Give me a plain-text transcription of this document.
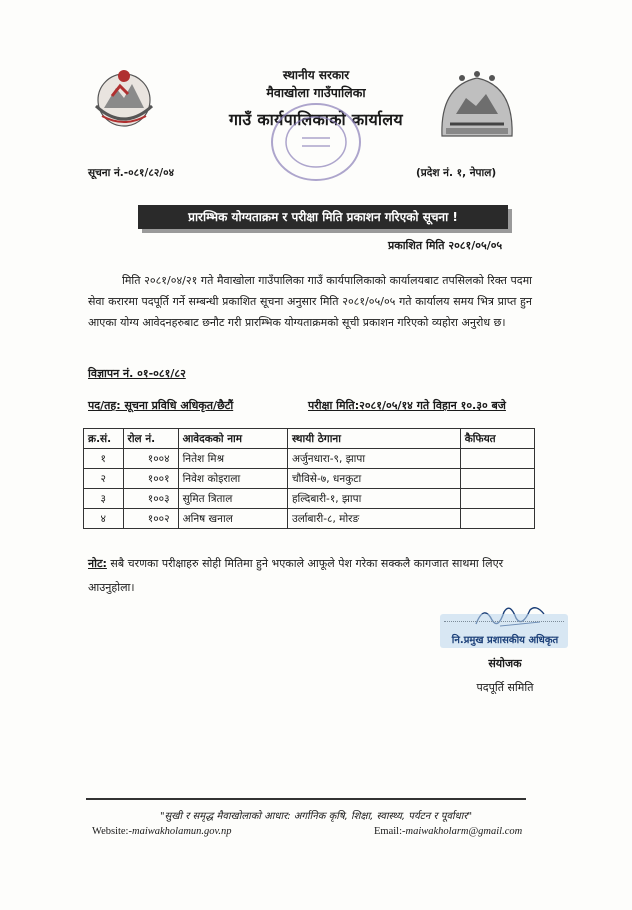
स्थानीय सरकार
मैवाखोला गाउँपालिका
गाउँ कार्यपालिकाको कार्यालय
सूचना नं.-०८१/८२/०४	(प्रदेश नं. १, नेपाल)
प्रारम्भिक योग्यताक्रम र परीक्षा मिति प्रकाशन गरिएको सूचना !
प्रकाशित मिति २०८१/०५/०५
मिति २०८१/०४/२१ गते मैवाखोला गाउँपालिका गाउँ कार्यपालिकाको कार्यालयबाट तपसिलको रिक्त पदमा सेवा करारमा पदपूर्ति गर्ने सम्बन्धी प्रकाशित सूचना अनुसार मिति २०८१/०५/०५ गते कार्यालय समय भित्र प्राप्त हुन आएका योग्य आवेदनहरुबाट छनौट गरी प्रारम्भिक योग्यताक्रमको सूची प्रकाशन गरिएको व्यहोरा अनुरोध छ।
विज्ञापन नं. ०१-०८१/८२
पद/तह: सूचना प्रविधि अधिकृत/छैटौं	परीक्षा मिति:२०८१/०५/१४ गते विहान १०.३० बजे
क्र.सं.	रोल नं.	आवेदकको नाम	स्थायी ठेगाना	कैफियत
१	१००४	नितेश मिश्र	अर्जुनधारा-९, झापा	
२	१००१	निवेश कोइराला	चौविसे-७, धनकुटा	
३	१००३	सुमित त्रिताल	हल्दिबारी-१, झापा	
४	१००२	अनिष खनाल	उर्लाबारी-८, मोरङ	
नोट: सबै चरणका परीक्षाहरु सोही मितिमा हुने भएकाले आफूले पेश गरेका सक्कलै कागजात साथमा लिएर आउनुहोला।
नि.प्रमुख प्रशासकीय अधिकृत
संयोजक
पदपूर्ति समिति
"सुखी र समृद्ध मैवाखोलाको आधार: अर्गानिक कृषि, शिक्षा, स्वास्थ्य, पर्यटन र पूर्वाधार"
Website:-maiwakholamun.gov.np	Email:-maiwakholarm@gmail.com
